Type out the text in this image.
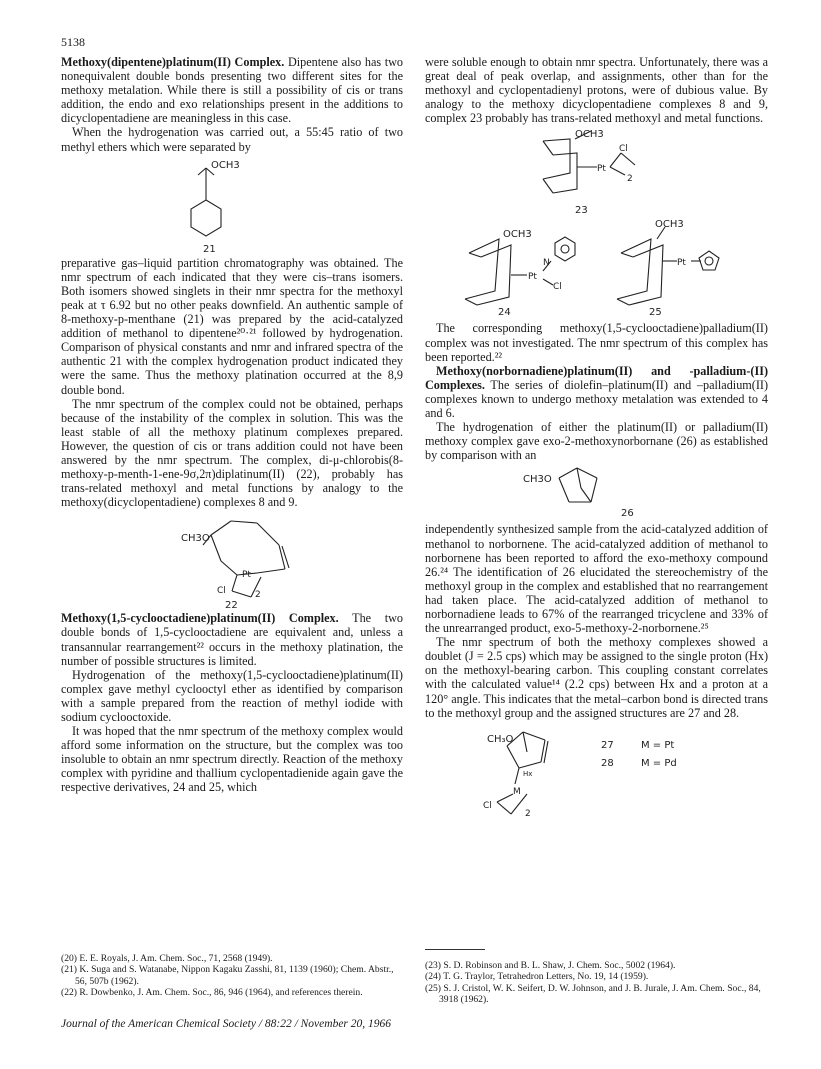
5138

Methoxy(dipentene)platinum(II) Complex. Dipentene also has two nonequivalent double bonds presenting two different sites for the methoxy metalation. While there is still a possibility of cis or trans addition, the endo and exo relationships present in the additions to dicyclopentadiene are meaningless in this case.

When the hydrogenation was carried out, a 55:45 ratio of two methyl ethers which were separated by

OCH3
21

preparative gas–liquid partition chromatography was obtained. The nmr spectrum of each indicated that they were cis–trans isomers. Both isomers showed singlets in their nmr spectra for the methoxyl peak at τ 6.92 but no other peaks downfield. An authentic sample of 8-methoxy-p-menthane (21) was prepared by the acid-catalyzed addition of methanol to dipentene²⁰·²¹ followed by hydrogenation. Comparison of physical constants and nmr and infrared spectra of the authentic 21 with the complex hydrogenation product indicated they were the same. Thus the methoxy platination occurred at the 8,9 double bond.

The nmr spectrum of the complex could not be obtained, perhaps because of the instability of the complex in solution. This was the least stable of all the methoxy platinum complexes prepared. However, the question of cis or trans addition could not have been answered by the nmr spectrum. The complex, di-μ-chlorobis(8-methoxy-p-menth-1-ene-9σ,2π)diplatinum(II) (22), probably has trans-related methoxyl and metal functions by analogy to the methoxy(dicyclopentadiene) complexes 8 and 9.

CH3O
Pt
Cl	2
22

Methoxy(1,5-cyclooctadiene)platinum(II) Complex. The two double bonds of 1,5-cyclooctadiene are equivalent and, unless a transannular rearrangement²² occurs in the methoxy platination, the number of possible structures is limited.

Hydrogenation of the methoxy(1,5-cyclooctadiene)platinum(II) complex gave methyl cyclooctyl ether as identified by comparison with a sample prepared from the reaction of methyl iodide with sodium cyclooctoxide.

It was hoped that the nmr spectrum of the methoxy complex would afford some information on the structure, but the complex was too insoluble to obtain an nmr spectrum directly. Reaction of the methoxy complex with pyridine and thallium cyclopentadienide again gave the respective derivatives, 24 and 25, which

were soluble enough to obtain nmr spectra. Unfortunately, there was a great deal of peak overlap, and assignments, other than for the methoxyl and cyclopentadienyl protons, were of dubious value. By analogy to the methoxy dicyclopentadiene complexes 8 and 9, complex 23 probably has trans-related methoxyl and metal functions.

OCH3
Pt
Cl
2
23
OCH3
Pt
N
Cl
24
OCH3
Pt
25

The corresponding methoxy(1,5-cyclooctadiene)palladium(II) complex was not investigated. The nmr spectrum of this complex has been reported.²²

Methoxy(norbornadiene)platinum(II) and -palladium-(II) Complexes. The series of diolefin–platinum(II) and –palladium(II) complexes known to undergo methoxy metalation was extended to 4 and 6.

The hydrogenation of either the platinum(II) or palladium(II) methoxy complex gave exo-2-methoxynorbornane (26) as established by comparison with an

CH3O
26

independently synthesized sample from the acid-catalyzed addition of methanol to norbornene. The acid-catalyzed addition of methanol to norbornene has been reported to afford the exo-methoxy compound 26.²⁴ The identification of 26 elucidated the stereochemistry of the methoxyl group in the complex and established that no rearrangement had taken place. The acid-catalyzed addition of methanol to norbornadiene leads to 67% of the rearranged tricyclene and 33% of the unrearranged product, exo-5-methoxy-2-norbornene.²⁵

The nmr spectrum of both the methoxy complexes showed a doublet (J = 2.5 cps) which may be assigned to the single proton (Hx) on the methoxyl-bearing carbon. This coupling constant correlates with the calculated value¹⁴ (2.2 cps) between Hx and a proton at a 120° angle. This indicates that the metal–carbon bond is directed trans to the methoxyl group and the assigned structures are 27 and 28.

CH₃O
Hx
M
Cl
2
27	M = Pt
28	M = Pd
(20) E. E. Royals, J. Am. Chem. Soc., 71, 2568 (1949).
(21) K. Suga and S. Watanabe, Nippon Kagaku Zasshi, 81, 1139 (1960); Chem. Abstr., 56, 507b (1962).
(22) R. Dowbenko, J. Am. Chem. Soc., 86, 946 (1964), and references therein.
(23) S. D. Robinson and B. L. Shaw, J. Chem. Soc., 5002 (1964).
(24) T. G. Traylor, Tetrahedron Letters, No. 19, 14 (1959).
(25) S. J. Cristol, W. K. Seifert, D. W. Johnson, and J. B. Jurale, J. Am. Chem. Soc., 84, 3918 (1962).
Journal of the American Chemical Society / 88:22 / November 20, 1966
